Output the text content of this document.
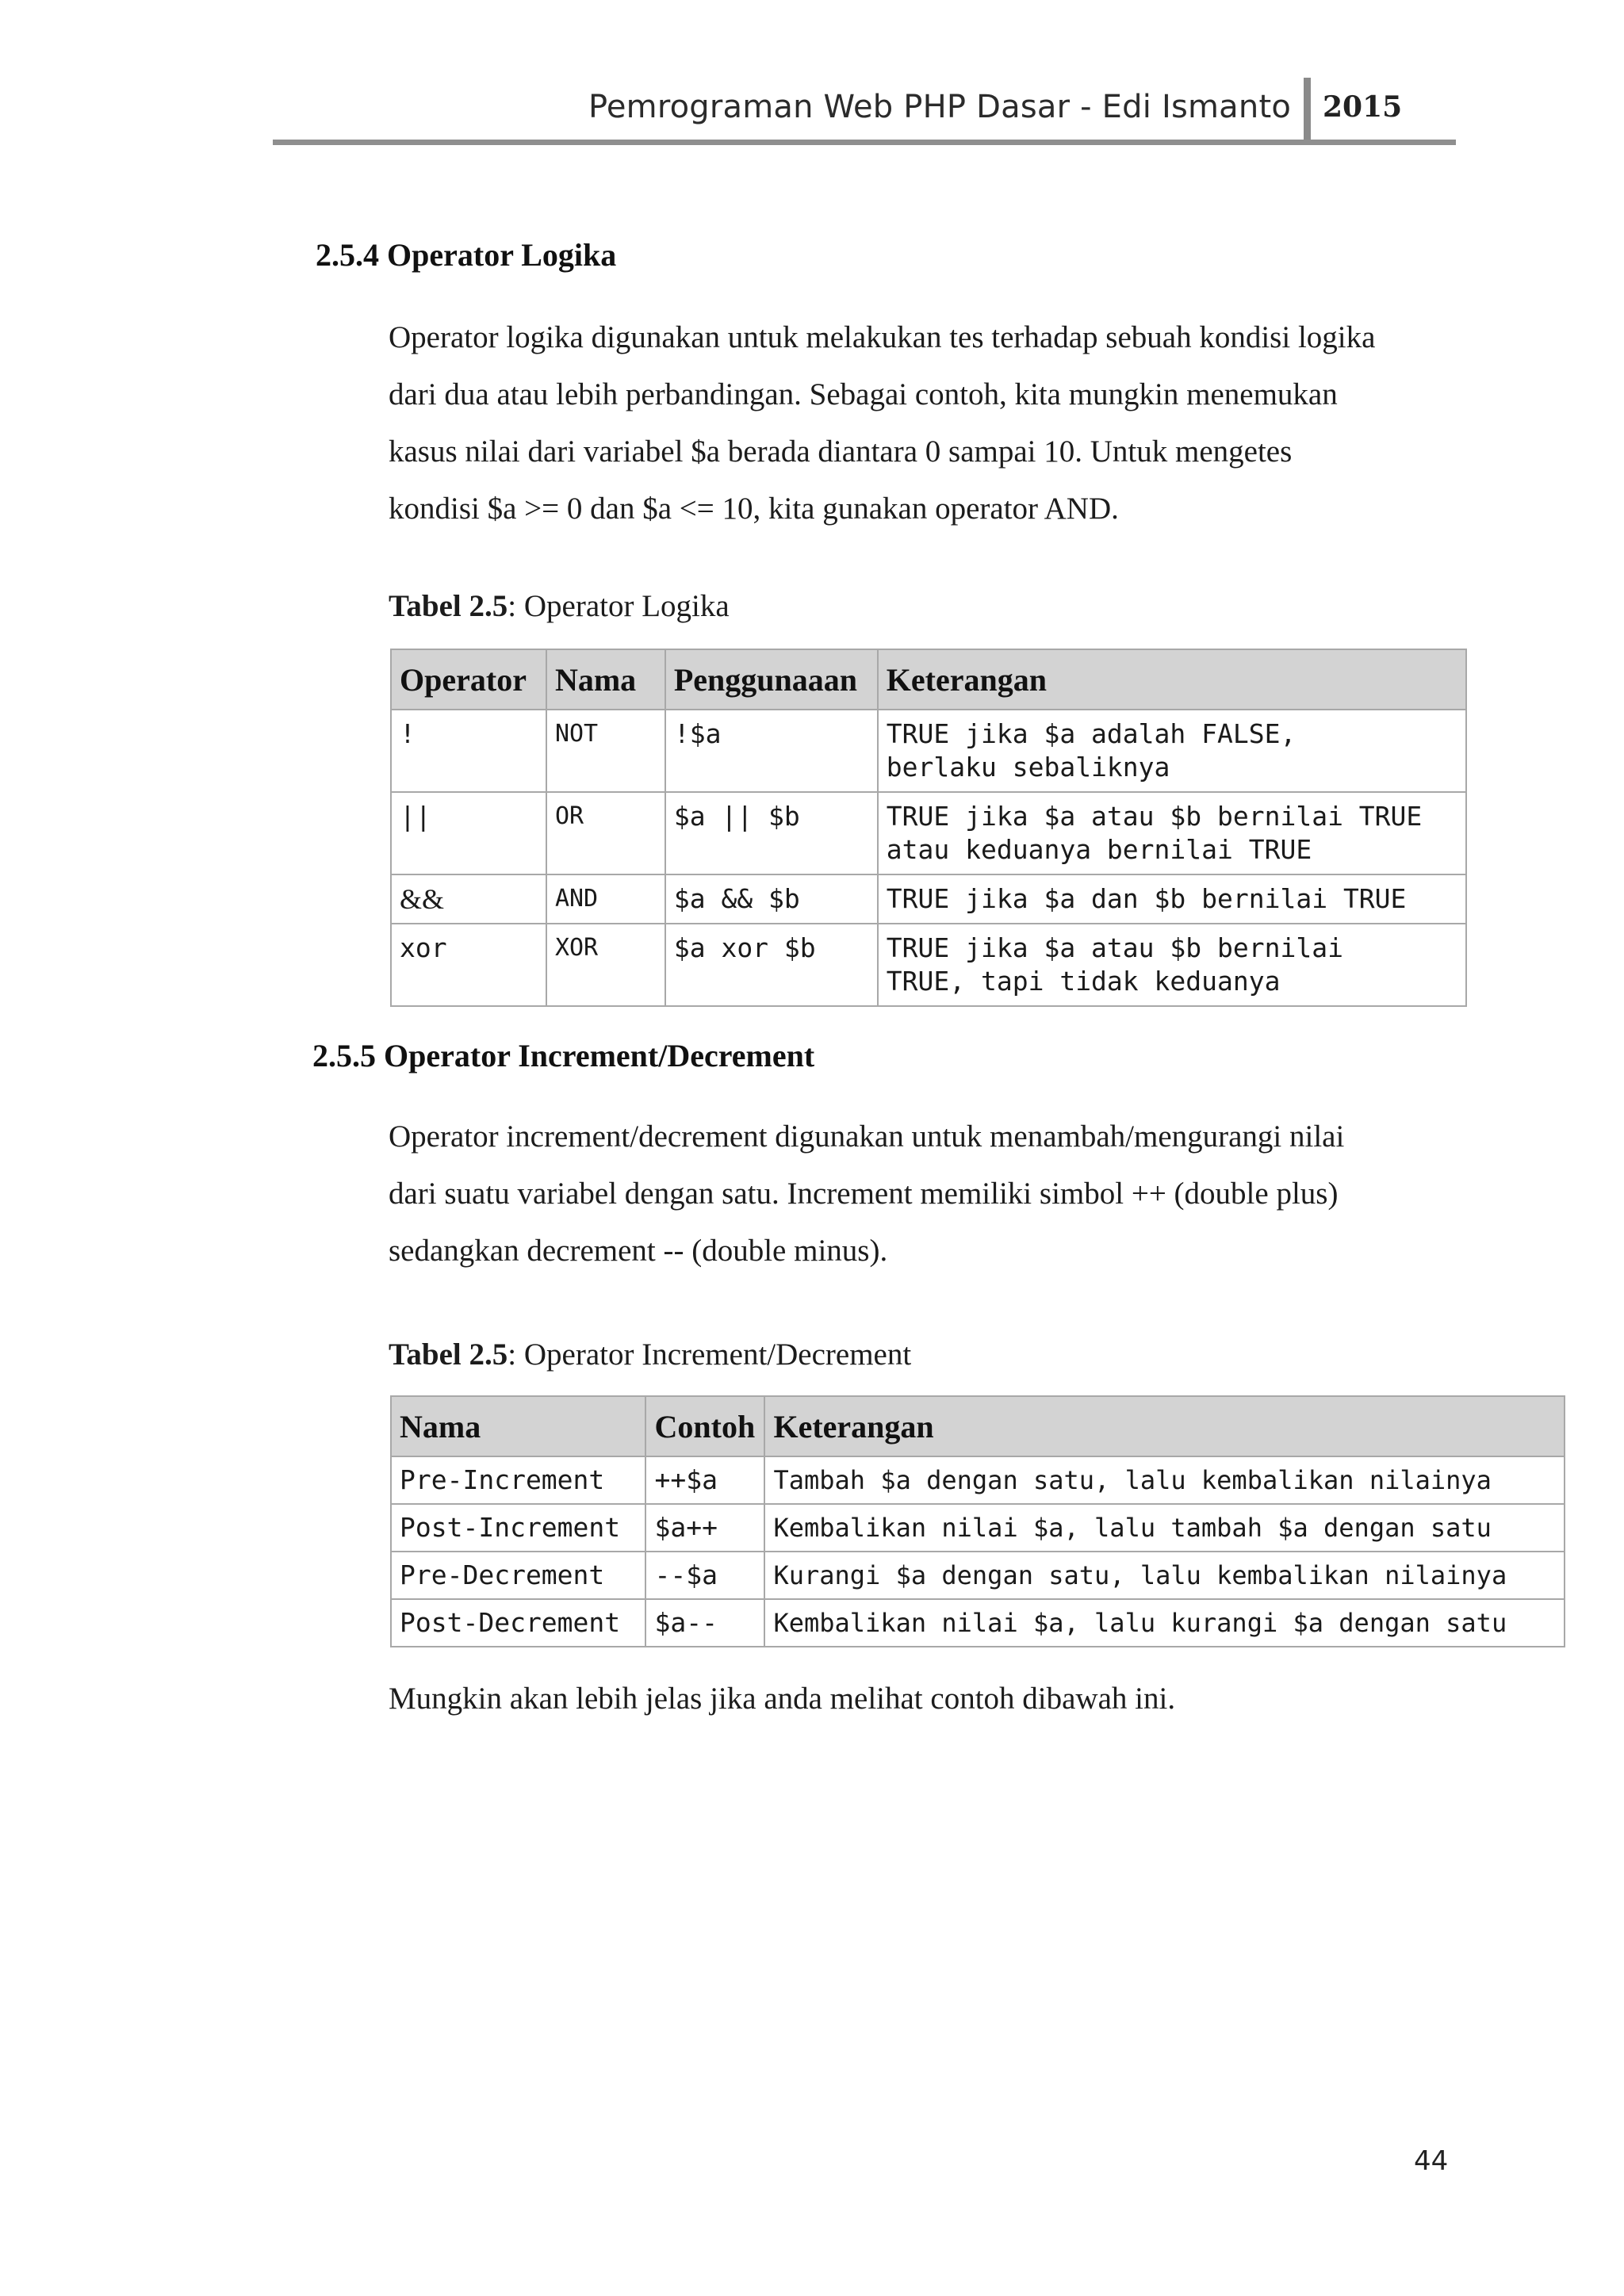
Pemrograman Web PHP Dasar - Edi Ismanto 2015
2.5.4 Operator Logika
Operator logika digunakan untuk melakukan tes terhadap sebuah kondisi logika
dari dua atau lebih perbandingan. Sebagai contoh, kita mungkin menemukan
kasus nilai dari variabel $a berada diantara 0 sampai 10. Untuk mengetes
kondisi $a >= 0 dan $a <= 10, kita gunakan operator AND.
Tabel 2.5: Operator Logika
Operator	Nama	Penggunaaan	Keterangan
!	NOT	!$a	TRUE jika $a adalah FALSE,
berlaku sebaliknya
||	OR	$a || $b	TRUE jika $a atau $b bernilai TRUE
atau keduanya bernilai TRUE
&&	AND	$a && $b	TRUE jika $a dan $b bernilai TRUE
xor	XOR	$a xor $b	TRUE jika $a atau $b bernilai
TRUE, tapi tidak keduanya
2.5.5 Operator Increment/Decrement
Operator increment/decrement digunakan untuk menambah/mengurangi nilai
dari suatu variabel dengan satu. Increment memiliki simbol ++ (double plus)
sedangkan decrement -- (double minus).
Tabel 2.5: Operator Increment/Decrement
Nama	Contoh	Keterangan
Pre-Increment	++$a	Tambah $a dengan satu, lalu kembalikan nilainya
Post-Increment	$a++	Kembalikan nilai $a, lalu tambah $a dengan satu
Pre-Decrement	--$a	Kurangi $a dengan satu, lalu kembalikan nilainya
Post-Decrement	$a--	Kembalikan nilai $a, lalu kurangi $a dengan satu
Mungkin akan lebih jelas jika anda melihat contoh dibawah ini.
44
